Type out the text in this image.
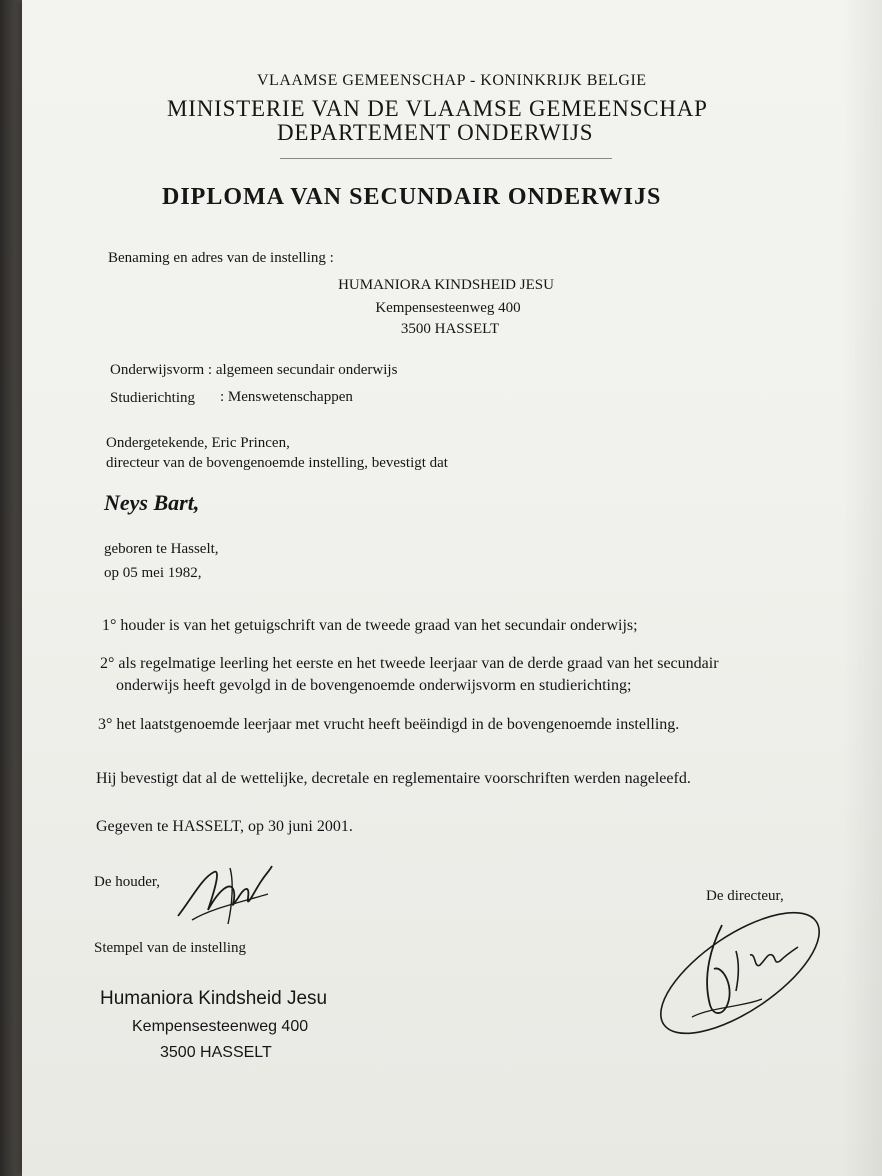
VLAAMSE GEMEENSCHAP - KONINKRIJK BELGIE
MINISTERIE VAN DE VLAAMSE GEMEENSCHAP
DEPARTEMENT ONDERWIJS
DIPLOMA VAN SECUNDAIR ONDERWIJS
Benaming en adres van de instelling :
HUMANIORA KINDSHEID JESU
Kempensesteenweg 400
3500 HASSELT
Onderwijsvorm : algemeen secundair onderwijs
Studierichting : Menswetenschappen
Ondergetekende, Eric Princen,
directeur van de bovengenoemde instelling, bevestigt dat
Neys Bart,
geboren te Hasselt,
op 05 mei 1982,
1° houder is van het getuigschrift van de tweede graad van het secundair onderwijs;
2° als regelmatige leerling het eerste en het tweede leerjaar van de derde graad van het secundair
onderwijs heeft gevolgd in de bovengenoemde onderwijsvorm en studierichting;
3° het laatstgenoemde leerjaar met vrucht heeft beëindigd in de bovengenoemde instelling.
Hij bevestigt dat al de wettelijke, decretale en reglementaire voorschriften werden nageleefd.
Gegeven te HASSELT, op 30 juni 2001.
De houder,
De directeur,
Stempel van de instelling
Humaniora Kindsheid Jesu
Kempensesteenweg 400
3500 HASSELT
